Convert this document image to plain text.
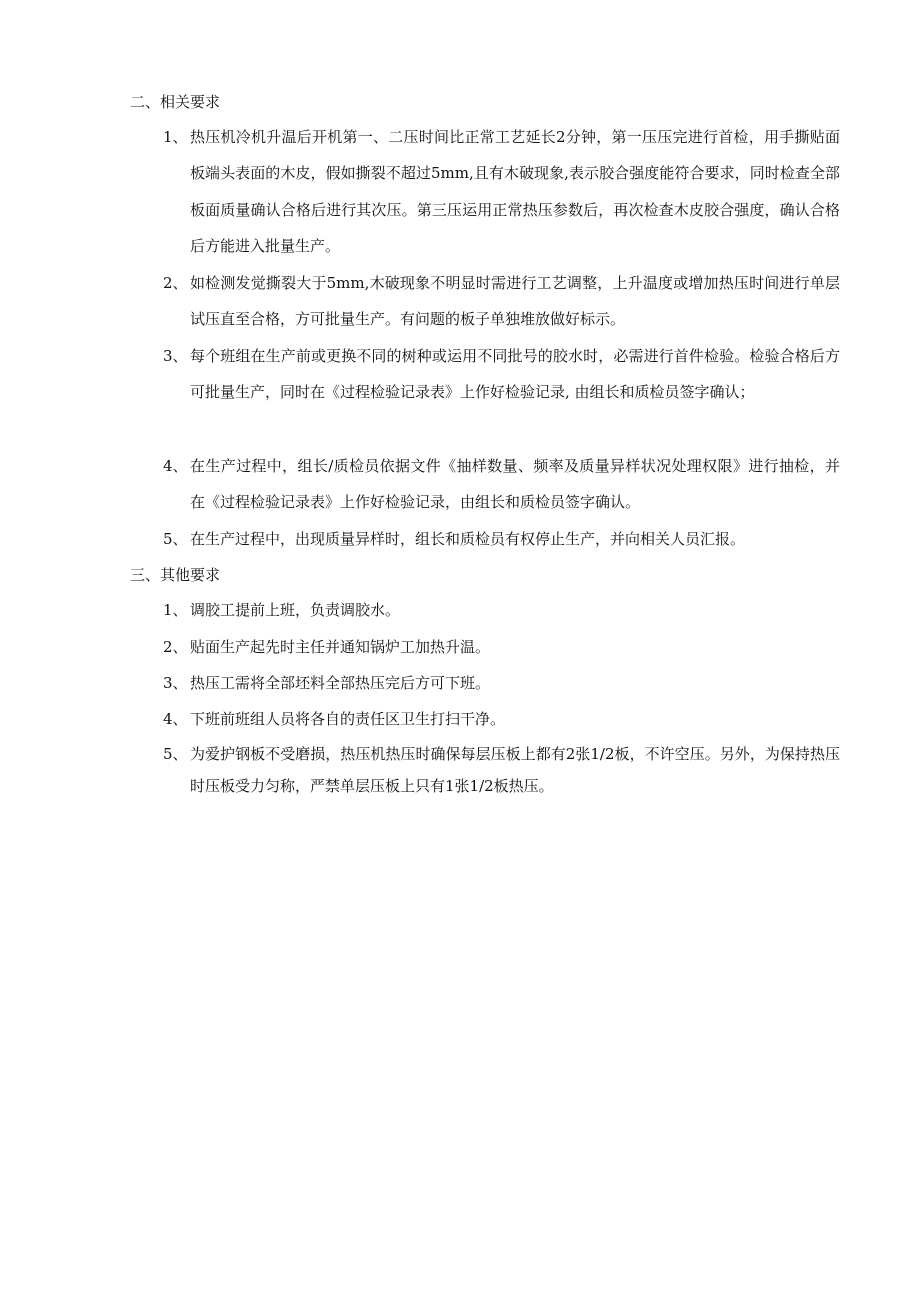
二、相关要求
1、 热压机冷机升温后开机第一、二压时间比正常工艺延长2分钟，第一压压完进行首检，用手撕贴面板端头表面的木皮，假如撕裂不超过5mm,且有木破现象,表示胶合强度能符合要求，同时检查全部板面质量确认合格后进行其次压。第三压运用正常热压参数后，再次检查木皮胶合强度，确认合格后方能进入批量生产。
2、 如检测发觉撕裂大于5mm,木破现象不明显时需进行工艺调整，上升温度或增加热压时间进行单层试压直至合格，方可批量生产。有问题的板子单独堆放做好标示。
3、 每个班组在生产前或更换不同的树种或运用不同批号的胶水时，必需进行首件检验。检验合格后方可批量生产，同时在《过程检验记录表》上作好检验记录, 由组长和质检员签字确认；
4、 在生产过程中，组长/质检员依据文件《抽样数量、频率及质量异样状况处理权限》进行抽检，并在《过程检验记录表》上作好检验记录，由组长和质检员签字确认。
5、 在生产过程中，出现质量异样时，组长和质检员有权停止生产，并向相关人员汇报。
三、其他要求
1、 调胶工提前上班，负责调胶水。
2、 贴面生产起先时主任并通知锅炉工加热升温。
3、 热压工需将全部坯料全部热压完后方可下班。
4、 下班前班组人员将各自的责任区卫生打扫干净。
5、 为爱护钢板不受磨损，热压机热压时确保每层压板上都有2张1/2板，不许空压。另外，为保持热压时压板受力匀称，严禁单层压板上只有1张1/2板热压。
